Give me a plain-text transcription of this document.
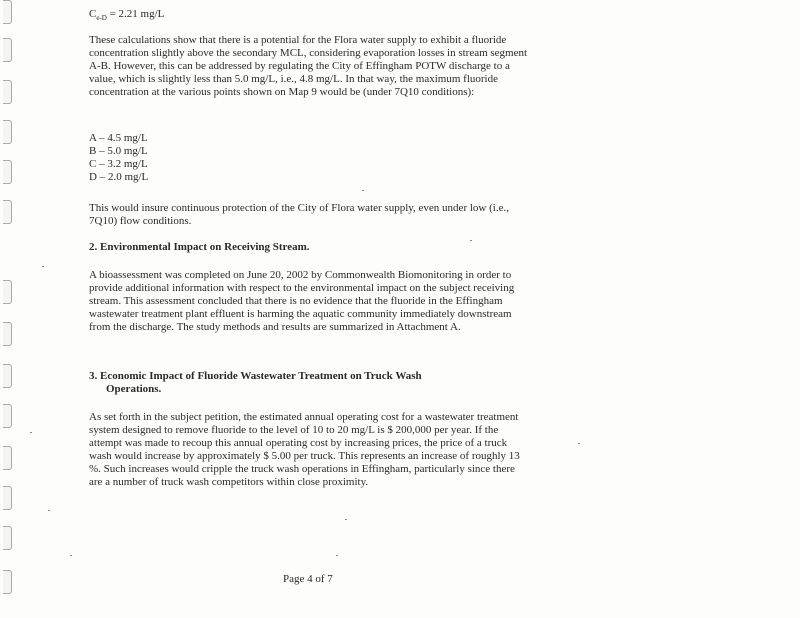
$C_{e-D} = 2.21$ mg/L
These calculations show that there is a potential for the Flora water supply to exhibit a fluoride concentration slightly above the secondary MCL, considering evaporation losses in stream segment A-B. However, this can be addressed by regulating the City of Effingham POTW discharge to a value, which is slightly less than 5.0 mg/L, i.e., 4.8 mg/L. In that way, the maximum fluoride concentration at the various points shown on Map 9 would be (under 7Q10 conditions):
A – 4.5 mg/L
B – 5.0 mg/L
C – 3.2 mg/L
D – 2.0 mg/L
This would insure continuous protection of the City of Flora water supply, even under low (i.e., 7Q10) flow conditions.
2. Environmental Impact on Receiving Stream.
A bioassessment was completed on June 20, 2002 by Commonwealth Biomonitoring in order to provide additional information with respect to the environmental impact on the subject receiving stream. This assessment concluded that there is no evidence that the fluoride in the Effingham wastewater treatment plant effluent is harming the aquatic community immediately downstream from the discharge. The study methods and results are summarized in Attachment A.
3. Economic Impact of Fluoride Wastewater Treatment on Truck Wash
Operations.
As set forth in the subject petition, the estimated annual operating cost for a wastewater treatment system designed to remove fluoride to the level of 10 to 20 mg/L is $ 200,000 per year. If the attempt was made to recoup this annual operating cost by increasing prices, the price of a truck wash would increase by approximately $ 5.00 per truck. This represents an increase of roughly 13 %. Such increases would cripple the truck wash operations in Effingham, particularly since there are a number of truck wash competitors within close proximity.
Page 4 of 7
